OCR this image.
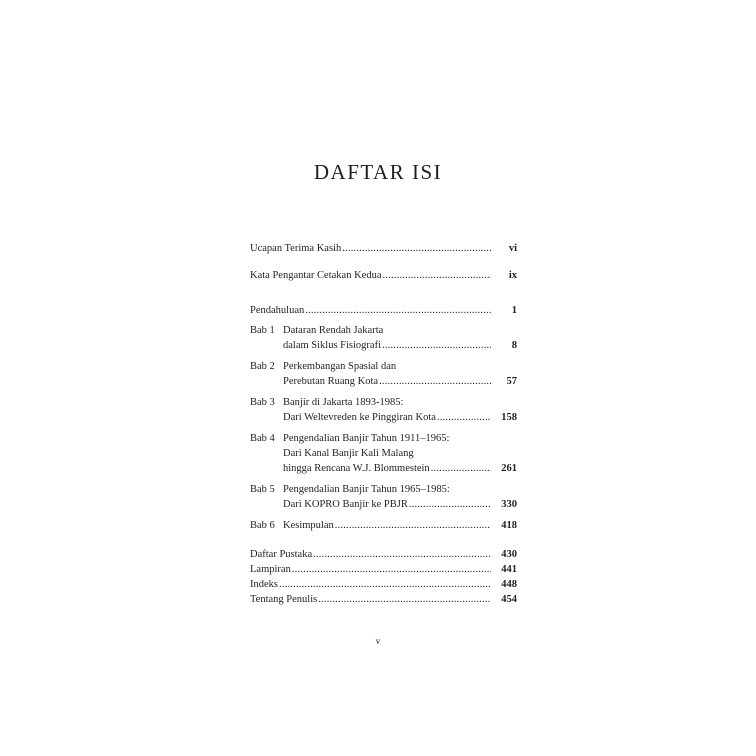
DAFTAR ISI
Ucapan Terima Kasih .....	vi
Kata Pengantar Cetakan Kedua .....	ix
Pendahuluan .....	1
Bab 1 Dataran Rendah Jakarta
dalam Siklus Fisiografi .....	8
Bab 2 Perkembangan Spasial dan
Perebutan Ruang Kota .....	57
Bab 3 Banjir di Jakarta 1893-1985:
Dari Weltevreden ke Pinggiran Kota .....	158
Bab 4 Pengendalian Banjir Tahun 1911–1965:
Dari Kanal Banjir Kali Malang
hingga Rencana W.J. Blommestein .....	261
Bab 5 Pengendalian Banjir Tahun 1965–1985:
Dari KOPRO Banjir ke PBJR .....	330
Bab 6 Kesimpulan .....	418
Daftar Pustaka .....	430
Lampiran .....	441
Indeks .....	448
Tentang Penulis .....	454
v
